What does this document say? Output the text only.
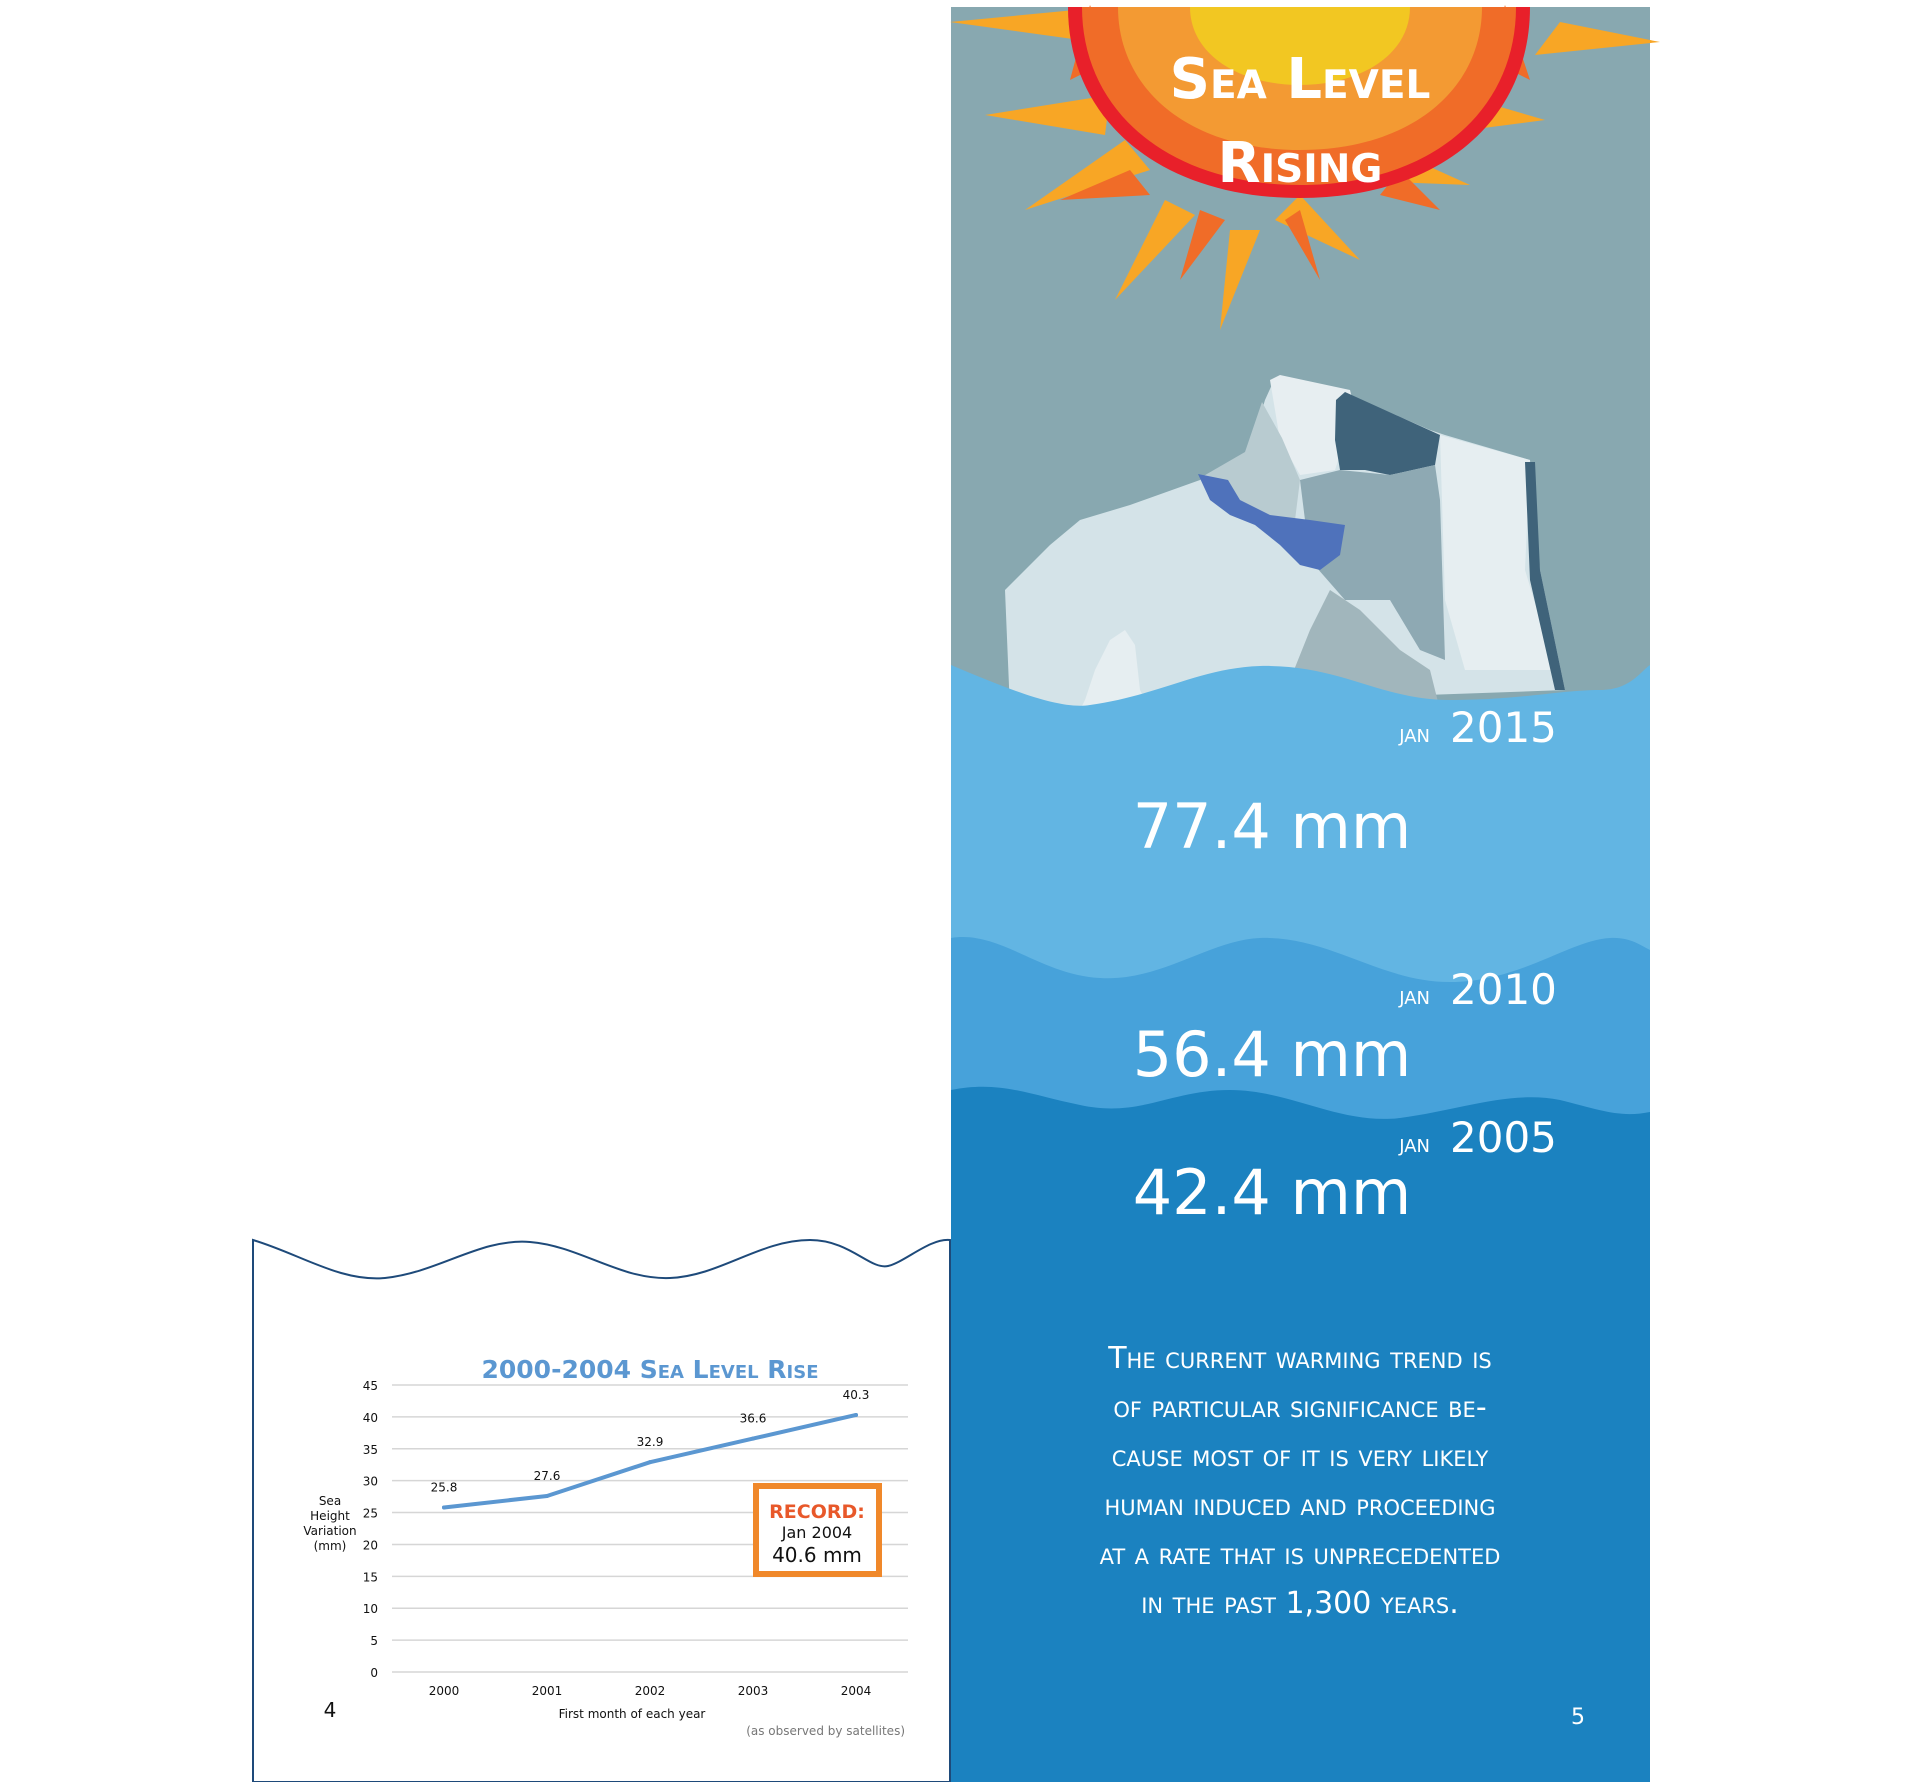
2000-2004 Sea Level Rise
0
5
10
15
20
25
30
35
40
45
Sea
Height
Variation
(mm)
2000	2001	2002	2003	2004
First month of each year
25.8
27.6
32.9
36.6
40.3
(as observed by satellites)
RECORD:
Jan 2004
40.6 mm
4
Sea Level
Rising
jan 2015
77.4 mm
jan 2010
56.4 mm
jan 2005
42.4 mm
The current warming trend is
of particular significance be-
cause most of it is very likely
human induced and proceeding
at a rate that is unprecedented
in the past 1,300 years.
5
